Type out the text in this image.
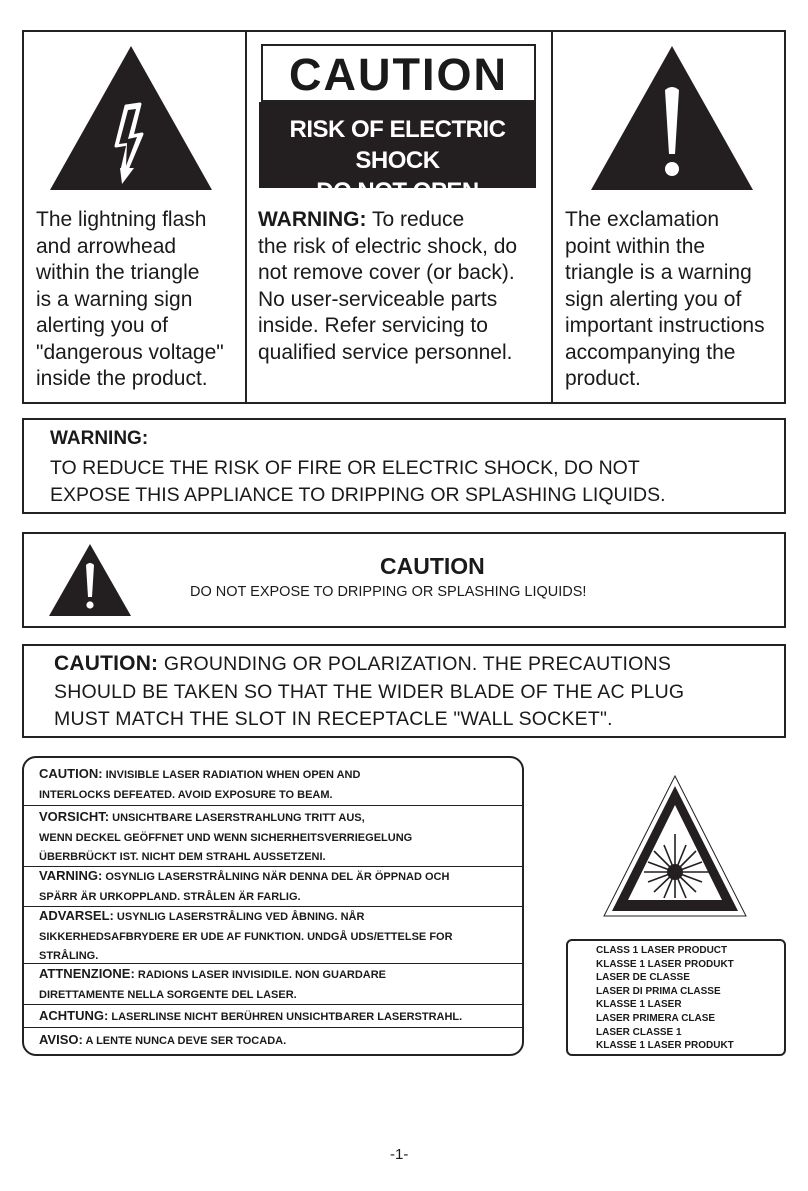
CAUTION
RISK OF ELECTRIC SHOCK
DO NOT OPEN
The lightning flash
and arrowhead
within the triangle
is a warning sign
alerting you of
"dangerous voltage"
inside the product.
WARNING: To reduce
the risk of electric shock, do
not remove cover (or back).
No user-serviceable parts
inside. Refer servicing to
qualified service personnel.
The exclamation
point within the
triangle is a warning
sign alerting you of
important instructions
accompanying the
product.
WARNING:
TO REDUCE THE RISK OF FIRE OR ELECTRIC SHOCK, DO NOT
EXPOSE THIS APPLIANCE TO DRIPPING OR SPLASHING LIQUIDS.
CAUTION
DO NOT EXPOSE TO DRIPPING OR SPLASHING LIQUIDS!
CAUTION: GROUNDING OR POLARIZATION. THE PRECAUTIONS
SHOULD BE TAKEN SO THAT THE WIDER BLADE OF THE AC PLUG
MUST MATCH THE SLOT IN RECEPTACLE "WALL SOCKET".
CAUTION: INVISIBLE LASER RADIATION WHEN OPEN AND
INTERLOCKS DEFEATED. AVOID EXPOSURE TO BEAM.
VORSICHT: UNSICHTBARE LASERSTRAHLUNG TRITT AUS,
WENN DECKEL GEÖFFNET UND WENN SICHERHEITSVERRIEGELUNG
ÜBERBRÜCKT IST. NICHT DEM STRAHL AUSSETZENI.
VARNING: OSYNLIG LASERSTRÅLNING NÄR DENNA DEL ÄR ÖPPNAD OCH
SPÄRR ÄR URKOPPLAND. STRÅLEN ÄR FARLIG.
ADVARSEL: USYNLIG LASERSTRÅLING VED ÅBNING. NÅR
SIKKERHEDSAFBRYDERE ER UDE AF FUNKTION. UNDGÅ UDS/ETTELSE FOR
STRÅLING.
ATTNENZIONE: RADIONS LASER INVISIDILE. NON GUARDARE
DIRETTAMENTE NELLA SORGENTE DEL LASER.
ACHTUNG: LASERLINSE NICHT BERÜHREN UNSICHTBARER LASERSTRAHL.
AVISO: A LENTE NUNCA DEVE SER TOCADA.
CLASS 1 LASER PRODUCT
KLASSE 1 LASER PRODUKT
LASER DE CLASSE
LASER DI PRIMA CLASSE
KLASSE 1 LASER
LASER PRIMERA CLASE
LASER CLASSE 1
KLASSE 1 LASER PRODUKT
-1-
